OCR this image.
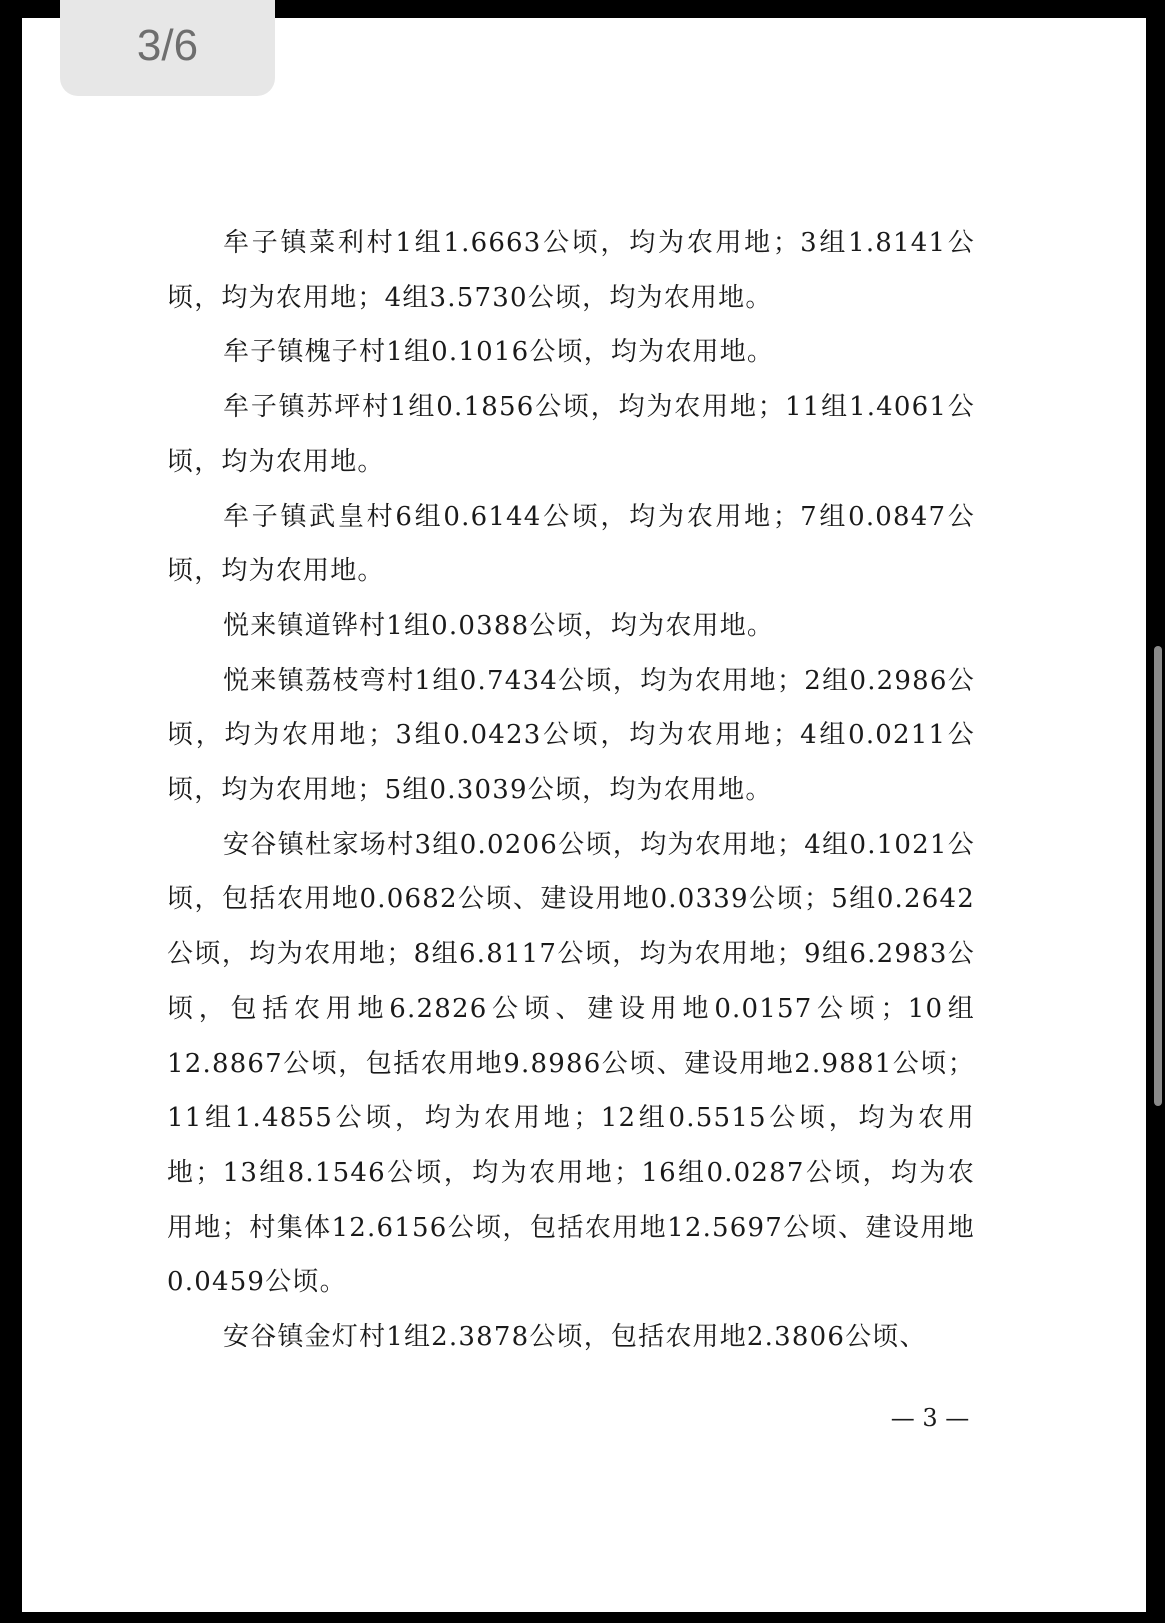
3/6

牟子镇菜利村1组1.6663公顷，均为农用地；3组1.8141公顷，均为农用地；4组3.5730公顷，均为农用地。

牟子镇槐子村1组0.1016公顷，均为农用地。

牟子镇苏坪村1组0.1856公顷，均为农用地；11组1.4061公顷，均为农用地。

牟子镇武皇村6组0.6144公顷，均为农用地；7组0.0847公顷，均为农用地。

悦来镇道铧村1组0.0388公顷，均为农用地。

悦来镇荔枝弯村1组0.7434公顷，均为农用地；2组0.2986公顷，均为农用地；3组0.0423公顷，均为农用地；4组0.0211公顷，均为农用地；5组0.3039公顷，均为农用地。

安谷镇杜家场村3组0.0206公顷，均为农用地；4组0.1021公顷，包括农用地0.0682公顷、建设用地0.0339公顷；5组0.2642公顷，均为农用地；8组6.8117公顷，均为农用地；9组6.2983公顷，包括农用地6.2826公顷、建设用地0.0157公顷；10组12.8867公顷，包括农用地9.8986公顷、建设用地2.9881公顷；11组1.4855公顷，均为农用地；12组0.5515公顷，均为农用地；13组8.1546公顷，均为农用地；16组0.0287公顷，均为农用地；村集体12.6156公顷，包括农用地12.5697公顷、建设用地0.0459公顷。

安谷镇金灯村1组2.3878公顷，包括农用地2.3806公顷、

— 3 —
